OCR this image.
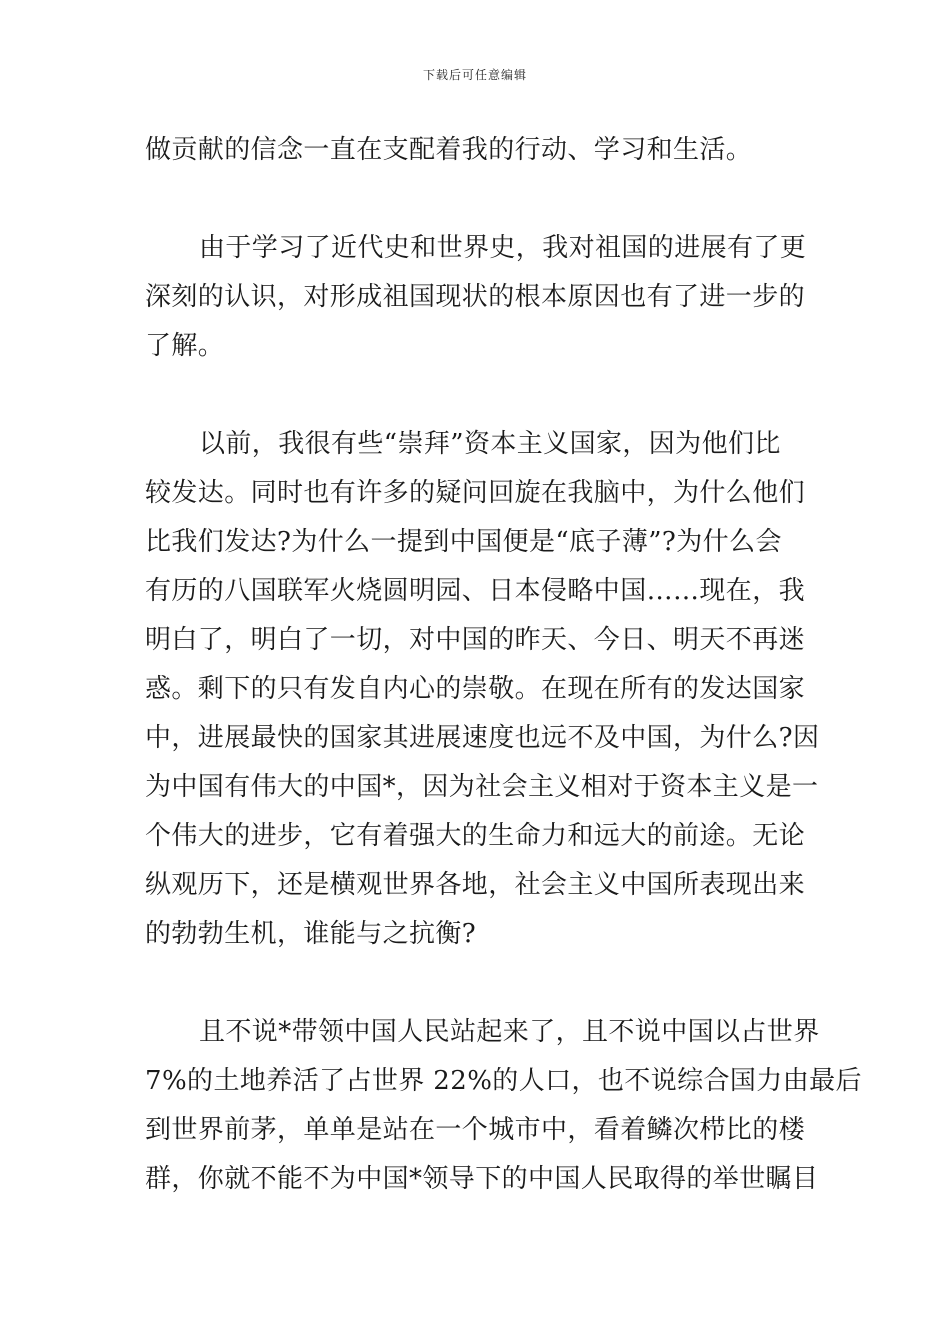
下载后可任意编辑
做贡献的信念一直在支配着我的行动、学习和生活。
由于学习了近代史和世界史，我对祖国的进展有了更
深刻的认识，对形成祖国现状的根本原因也有了进一步的
了解。
以前，我很有些“崇拜”资本主义国家，因为他们比
较发达。同时也有许多的疑问回旋在我脑中，为什么他们
比我们发达?为什么一提到中国便是“底子薄”?为什么会
有历的八国联军火烧圆明园、日本侵略中国……现在，我
明白了，明白了一切，对中国的昨天、今日、明天不再迷
惑。剩下的只有发自内心的崇敬。在现在所有的发达国家
中，进展最快的国家其进展速度也远不及中国，为什么?因
为中国有伟大的中国*，因为社会主义相对于资本主义是一
个伟大的进步，它有着强大的生命力和远大的前途。无论
纵观历下，还是横观世界各地，社会主义中国所表现出来
的勃勃生机，谁能与之抗衡?
且不说*带领中国人民站起来了，且不说中国以占世界
7%的土地养活了占世界 22%的人口，也不说综合国力由最后
到世界前茅，单单是站在一个城市中，看着鳞次栉比的楼
群，你就不能不为中国*领导下的中国人民取得的举世瞩目
